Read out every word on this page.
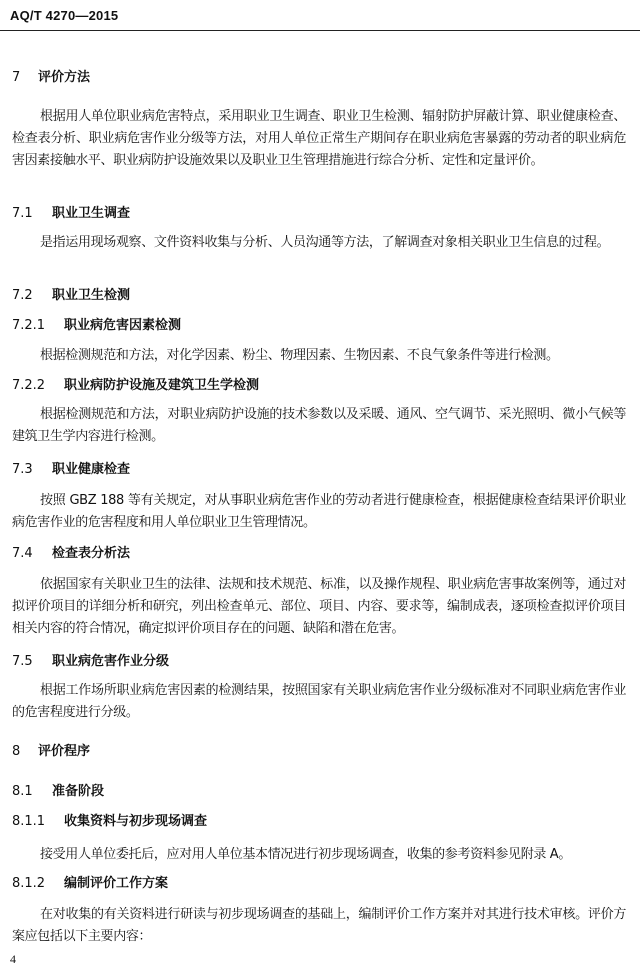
AQ/T 4270—2015
7 评价方法
根据用人单位职业病危害特点，采用职业卫生调查、职业卫生检测、辐射防护屏蔽计算、职业健康检查、检查表分析、职业病危害作业分级等方法，对用人单位正常生产期间存在职业病危害暴露的劳动者的职业病危害因素接触水平、职业病防护设施效果以及职业卫生管理措施进行综合分析、定性和定量评价。
7.1 职业卫生调查
是指运用现场观察、文件资料收集与分析、人员沟通等方法，了解调查对象相关职业卫生信息的过程。
7.2 职业卫生检测
7.2.1 职业病危害因素检测
根据检测规范和方法，对化学因素、粉尘、物理因素、生物因素、不良气象条件等进行检测。
7.2.2 职业病防护设施及建筑卫生学检测
根据检测规范和方法，对职业病防护设施的技术参数以及采暖、通风、空气调节、采光照明、微小气候等建筑卫生学内容进行检测。
7.3 职业健康检查
按照 GBZ 188 等有关规定，对从事职业病危害作业的劳动者进行健康检查，根据健康检查结果评价职业病危害作业的危害程度和用人单位职业卫生管理情况。
7.4 检查表分析法
依据国家有关职业卫生的法律、法规和技术规范、标准，以及操作规程、职业病危害事故案例等，通过对拟评价项目的详细分析和研究，列出检查单元、部位、项目、内容、要求等，编制成表，逐项检查拟评价项目相关内容的符合情况，确定拟评价项目存在的问题、缺陷和潜在危害。
7.5 职业病危害作业分级
根据工作场所职业病危害因素的检测结果，按照国家有关职业病危害作业分级标准对不同职业病危害作业的危害程度进行分级。
8 评价程序
8.1 准备阶段
8.1.1 收集资料与初步现场调查
接受用人单位委托后，应对用人单位基本情况进行初步现场调查，收集的参考资料参见附录 A。
8.1.2 编制评价工作方案
在对收集的有关资料进行研读与初步现场调查的基础上，编制评价工作方案并对其进行技术审核。评价方案应包括以下主要内容：
4
